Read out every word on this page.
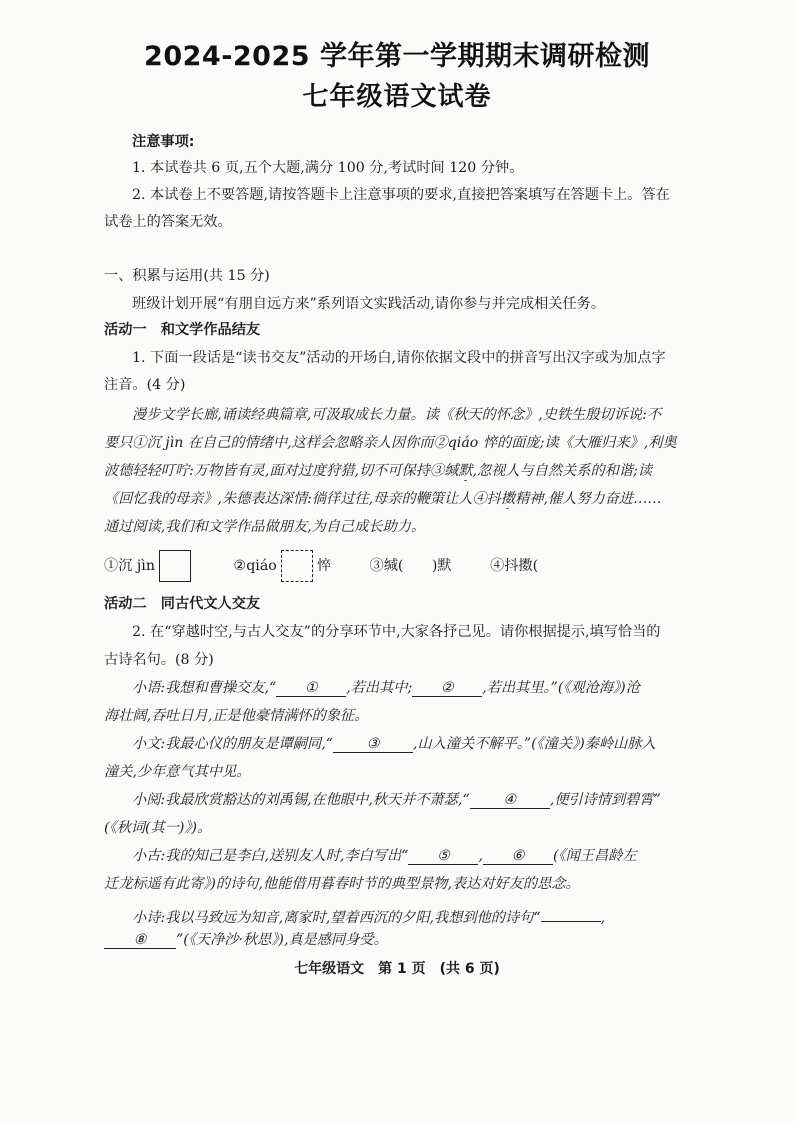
2024-2025 学年第一学期期末调研检测
七年级语文试卷
注意事项:
1. 本试卷共 6 页,五个大题,满分 100 分,考试时间 120 分钟。
2. 本试卷上不要答题,请按答题卡上注意事项的要求,直接把答案填写在答题卡上。答在
试卷上的答案无效。
一、积累与运用(共 15 分)
班级计划开展“有朋自远方来”系列语文实践活动,请你参与并完成相关任务。
活动一　和文学作品结友
1. 下面一段话是“读书交友”活动的开场白,请你依据文段中的拼音写出汉字或为加点字
注音。(4 分)
漫步文学长廊,诵读经典篇章,可汲取成长力量。读《秋天的怀念》,史铁生殷切诉说:不
要只①沉 jìn 在自己的情绪中,这样会忽略亲人因你而②qiáo 悴的面庞;读《大雁归来》,利奥
波德轻轻叮咛:万物皆有灵,面对过度狩猎,切不可保持③缄默,忽视人与自然关系的和谐;读
《回忆我的母亲》,朱德表达深情:徜徉过往,母亲的鞭策让人④抖擞精神,催人努力奋进……
通过阅读,我们和文学作品做朋友,为自己成长助力。
①沉 jìn	②qiáo	悴	③缄(　　)默	④抖擞(
活动二　同古代文人交友
2. 在“穿越时空,与古人交友”的分享环节中,大家各抒己见。请你根据提示,填写恰当的
古诗名句。(8 分)
小语:我想和曹操交友,“ ① ,若出其中; ② ,若出其里。”(《观沧海》)沧
海壮阔,吞吐日月,正是他豪情满怀的象征。
小文:我最心仪的朋友是谭嗣同,“ ③ ,山入潼关不解平。”(《潼关》)秦岭山脉入
潼关,少年意气其中见。
小阅:我最欣赏豁达的刘禹锡,在他眼中,秋天并不萧瑟,“ ④ ,便引诗情到碧霄”
(《秋词(其一)》)。
小古:我的知己是李白,送别友人时,李白写出“ ⑤ , ⑥ (《闻王昌龄左
迁龙标遥有此寄》)的诗句,他能借用暮春时节的典型景物,表达对好友的思念。
小诗:我以马致远为知音,离家时,望着西沉的夕阳,我想到他的诗句“	,
⑧ ”(《天净沙·秋思》),真是感同身受。
七年级语文　第 1 页　(共 6 页)
